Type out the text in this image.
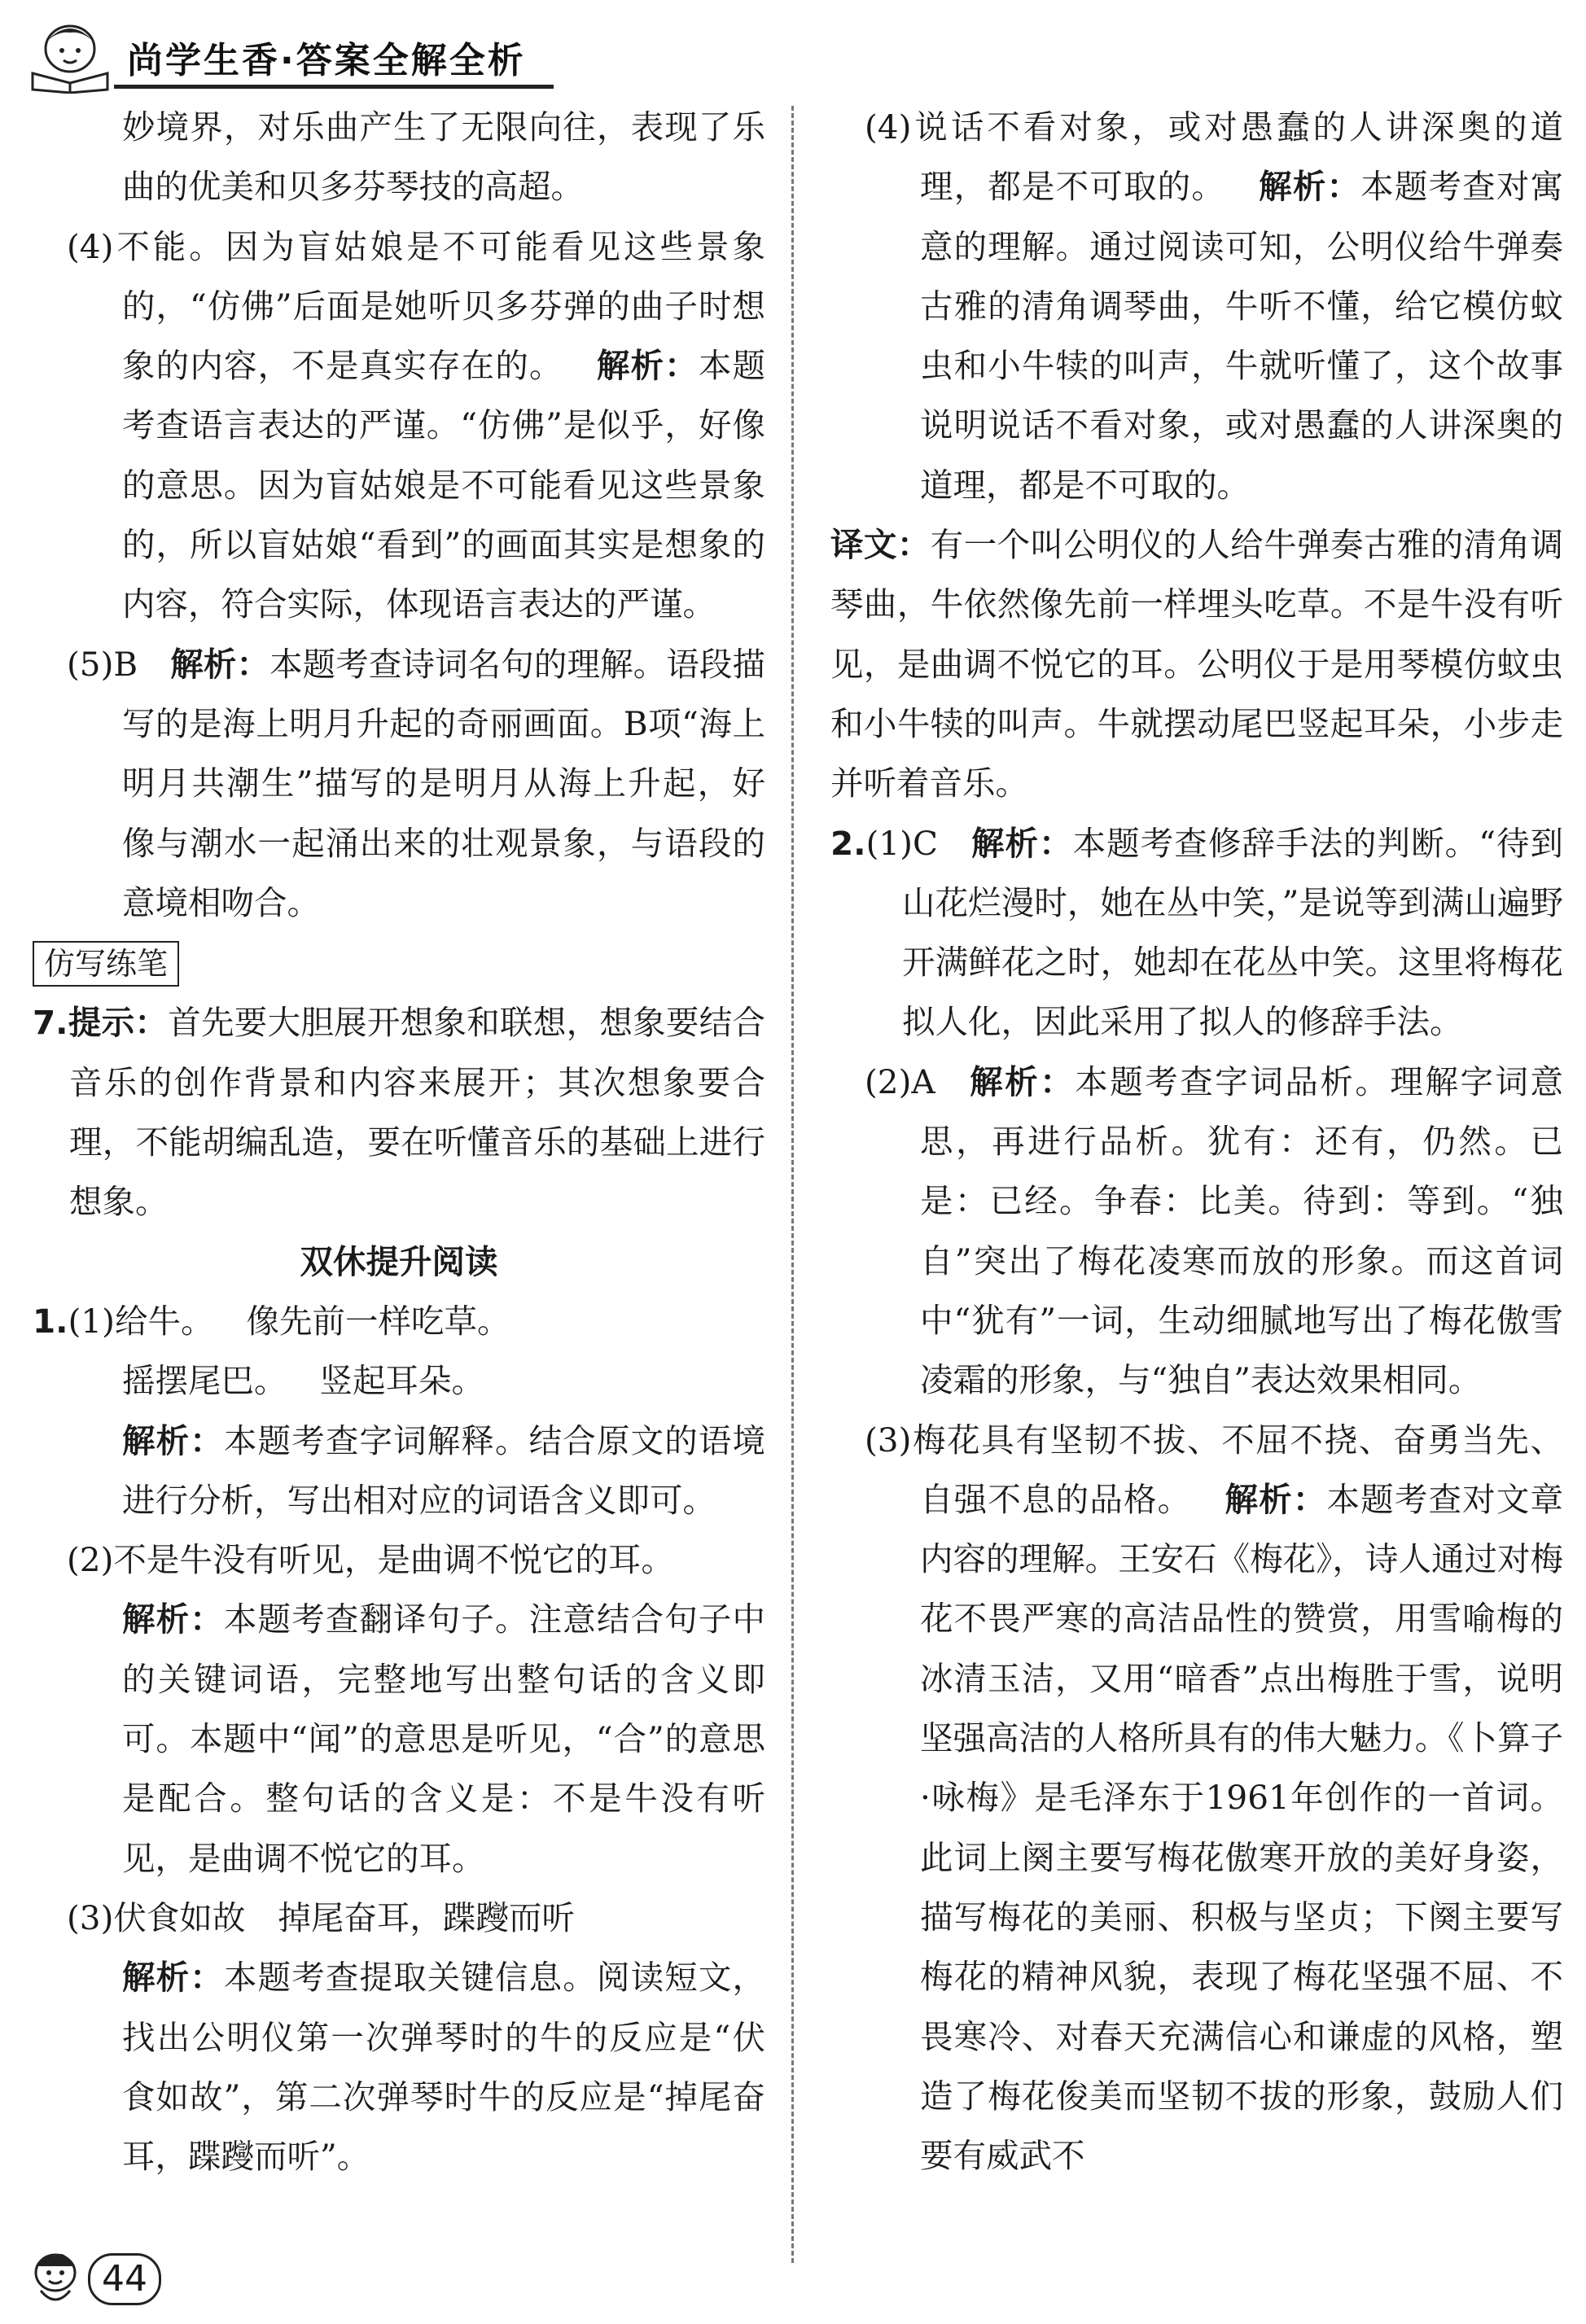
尚学生香·答案全解全析

妙境界，对乐曲产生了无限向往，表现了乐曲的优美和贝多芬琴技的高超。

(4)不能。因为盲姑娘是不可能看见这些景象的，“仿佛”后面是她听贝多芬弹的曲子时想象的内容，不是真实存在的。 解析：本题考查语言表达的严谨。“仿佛”是似乎，好像的意思。因为盲姑娘是不可能看见这些景象的，所以盲姑娘“看到”的画面其实是想象的内容，符合实际，体现语言表达的严谨。

(5)B 解析：本题考查诗词名句的理解。语段描写的是海上明月升起的奇丽画面。B项“海上明月共潮生”描写的是明月从海上升起，好像与潮水一起涌出来的壮观景象，与语段的意境相吻合。

仿写练笔

7.提示：首先要大胆展开想象和联想，想象要结合音乐的创作背景和内容来展开；其次想象要合理，不能胡编乱造，要在听懂音乐的基础上进行想象。

双休提升阅读

1.(1)给牛。 像先前一样吃草。

摇摆尾巴。 竖起耳朵。

解析：本题考查字词解释。结合原文的语境进行分析，写出相对应的词语含义即可。

(2)不是牛没有听见，是曲调不悦它的耳。

解析：本题考查翻译句子。注意结合句子中的关键词语，完整地写出整句话的含义即可。本题中“闻”的意思是听见，“合”的意思是配合。整句话的含义是：不是牛没有听见，是曲调不悦它的耳。

(3)伏食如故 掉尾奋耳，蹀躞而听

解析：本题考查提取关键信息。阅读短文，找出公明仪第一次弹琴时的牛的反应是“伏食如故”，第二次弹琴时牛的反应是“掉尾奋耳，蹀躞而听”。

(4)说话不看对象，或对愚蠢的人讲深奥的道理，都是不可取的。 解析：本题考查对寓意的理解。通过阅读可知，公明仪给牛弹奏古雅的清角调琴曲，牛听不懂，给它模仿蚊虫和小牛犊的叫声，牛就听懂了，这个故事说明说话不看对象，或对愚蠢的人讲深奥的道理，都是不可取的。

译文：有一个叫公明仪的人给牛弹奏古雅的清角调琴曲，牛依然像先前一样埋头吃草。不是牛没有听见，是曲调不悦它的耳。公明仪于是用琴模仿蚊虫和小牛犊的叫声。牛就摆动尾巴竖起耳朵，小步走并听着音乐。

2.(1)C 解析：本题考查修辞手法的判断。“待到山花烂漫时，她在丛中笑，”是说等到满山遍野开满鲜花之时，她却在花丛中笑。这里将梅花拟人化，因此采用了拟人的修辞手法。

(2)A 解析：本题考查字词品析。理解字词意思，再进行品析。犹有：还有，仍然。已是：已经。争春：比美。待到：等到。“独自”突出了梅花凌寒而放的形象。而这首词中“犹有”一词，生动细腻地写出了梅花傲雪凌霜的形象，与“独自”表达效果相同。

(3)梅花具有坚韧不拔、不屈不挠、奋勇当先、自强不息的品格。 解析：本题考查对文章内容的理解。王安石《梅花》，诗人通过对梅花不畏严寒的高洁品性的赞赏，用雪喻梅的冰清玉洁，又用“暗香”点出梅胜于雪，说明坚强高洁的人格所具有的伟大魅力。《卜算子·咏梅》是毛泽东于1961年创作的一首词。此词上阕主要写梅花傲寒开放的美好身姿，描写梅花的美丽、积极与坚贞；下阕主要写梅花的精神风貌，表现了梅花坚强不屈、不畏寒冷、对春天充满信心和谦虚的风格，塑造了梅花俊美而坚韧不拔的形象，鼓励人们要有威武不

44
